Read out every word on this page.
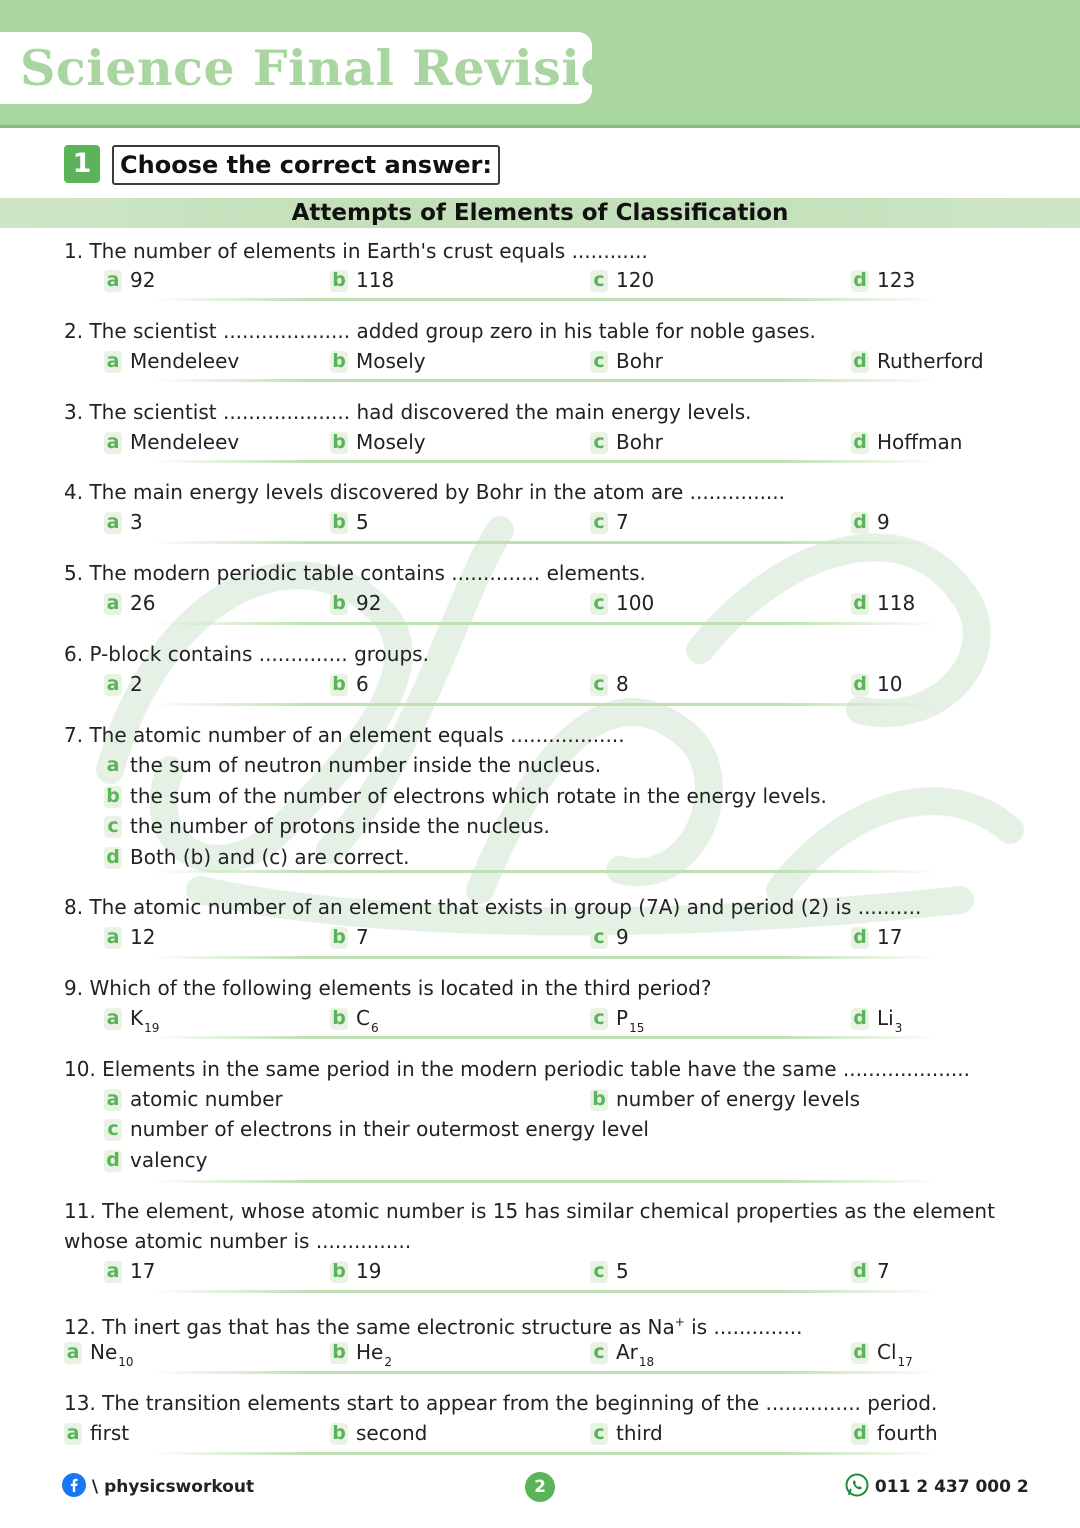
Science Final Revision
1	Choose the correct answer:
Attempts of Elements of Classification
1. The number of elements in Earth's crust equals ............
a 92	b 118	c 120	d 123
2. The scientist .................... added group zero in his table for noble gases.
a Mendeleev	b Mosely	c Bohr	d Rutherford
3. The scientist .................... had discovered the main energy levels.
a Mendeleev	b Mosely	c Bohr	d Hoffman
4. The main energy levels discovered by Bohr in the atom are ...............
a 3	b 5	c 7	d 9
5. The modern periodic table contains .............. elements.
a 26	b 92	c 100	d 118
6. P-block contains .............. groups.
a 2	b 6	c 8	d 10
7. The atomic number of an element equals ..................
a the sum of neutron number inside the nucleus.
b the sum of the number of electrons which rotate in the energy levels.
c the number of protons inside the nucleus.
d Both (b) and (c) are correct.
8. The atomic number of an element that exists in group (7A) and period (2) is ..........
a 12	b 7	c 9	d 17
9. Which of the following elements is located in the third period?
a $K_{19}$	b $C_6$	c $P_{15}$	d $Li_3$
10. Elements in the same period in the modern periodic table have the same ....................
a atomic number	b number of energy levels
c number of electrons in their outermost energy level
d valency
11. The element, whose atomic number is 15 has similar chemical properties as the element
whose atomic number is ...............
a 17	b 19	c 5	d 7
12. Th inert gas that has the same electronic structure as Na+ is ..............
a $Ne_{10}$	b $He_2$	c $Ar_{18}$	d $Cl_{17}$
13. The transition elements start to appear from the beginning of the ............... period.
a first	b second	c third	d fourth
\ physicsworkout	2	011 2 437 000 2
